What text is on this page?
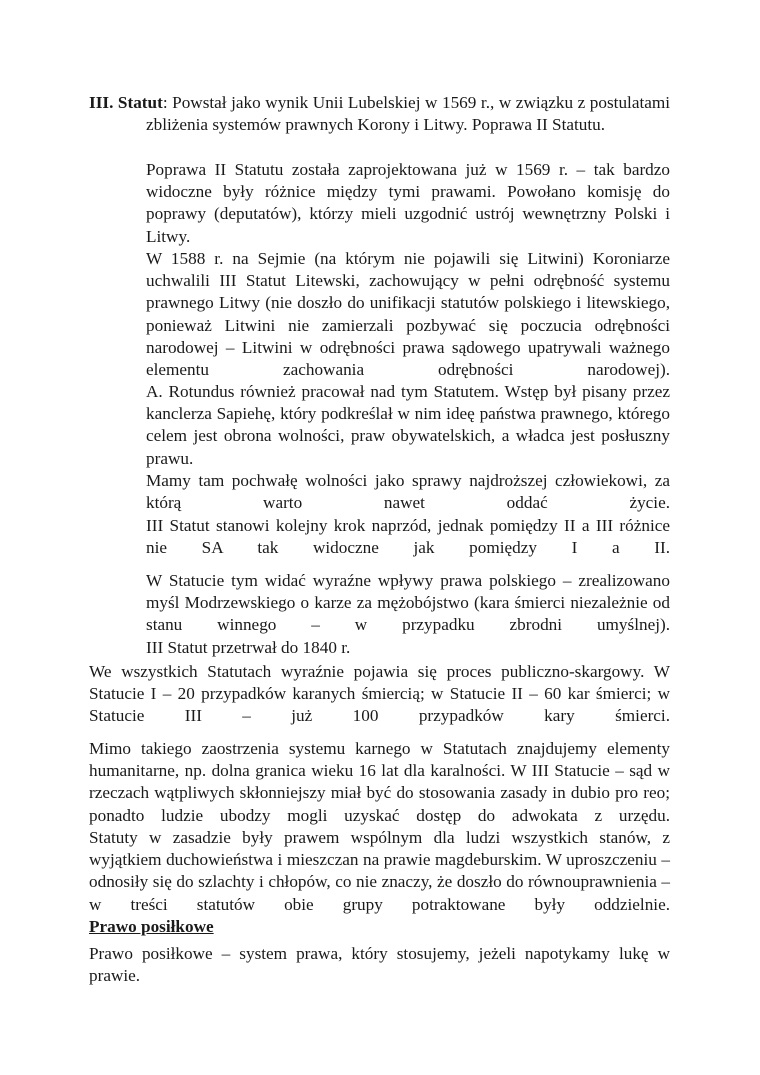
III. Statut: Powstał jako wynik Unii Lubelskiej w 1569 r., w związku z postulatami zbliżenia systemów prawnych Korony i Litwy. Poprawa II Statutu.

Poprawa II Statutu została zaprojektowana już w 1569 r. – tak bardzo widoczne były różnice między tymi prawami. Powołano komisję do poprawy (deputatów), którzy mieli uzgodnić ustrój wewnętrzny Polski i Litwy.

W 1588 r. na Sejmie (na którym nie pojawili się Litwini) Koroniarze uchwalili III Statut Litewski, zachowujący w pełni odrębność systemu prawnego Litwy (nie doszło do unifikacji statutów polskiego i litewskiego, ponieważ Litwini nie zamierzali pozbywać się poczucia odrębności narodowej – Litwini w odrębności prawa sądowego upatrywali ważnego elementu zachowania odrębności narodowej).

A. Rotundus również pracował nad tym Statutem. Wstęp był pisany przez kanclerza Sapiehę, który podkreślał w nim ideę państwa prawnego, którego celem jest obrona wolności, praw obywatelskich, a władca jest posłuszny prawu.

Mamy tam pochwałę wolności jako sprawy najdroższej człowiekowi, za którą warto nawet oddać życie.

III Statut stanowi kolejny krok naprzód, jednak pomiędzy II a III różnice nie SA tak widoczne jak pomiędzy I a II.

W Statucie tym widać wyraźne wpływy prawa polskiego – zrealizowano myśl Modrzewskiego o karze za mężobójstwo (kara śmierci niezależnie od stanu winnego – w przypadku zbrodni umyślnej).

III Statut przetrwał do 1840 r.

We wszystkich Statutach wyraźnie pojawia się proces publiczno-skargowy. W Statucie I – 20 przypadków karanych śmiercią; w Statucie II – 60 kar śmierci; w Statucie III – już 100 przypadków kary śmierci.

Mimo takiego zaostrzenia systemu karnego w Statutach znajdujemy elementy humanitarne, np. dolna granica wieku 16 lat dla karalności. W III Statucie – sąd w rzeczach wątpliwych skłonniejszy miał być do stosowania zasady in dubio pro reo; ponadto ludzie ubodzy mogli uzyskać dostęp do adwokata z urzędu.

Statuty w zasadzie były prawem wspólnym dla ludzi wszystkich stanów, z wyjątkiem duchowieństwa i mieszczan na prawie magdeburskim. W uproszczeniu – odnosiły się do szlachty i chłopów, co nie znaczy, że doszło do równouprawnienia – w treści statutów obie grupy potraktowane były oddzielnie.

Prawo posiłkowe

Prawo posiłkowe – system prawa, który stosujemy, jeżeli napotykamy lukę w prawie.
